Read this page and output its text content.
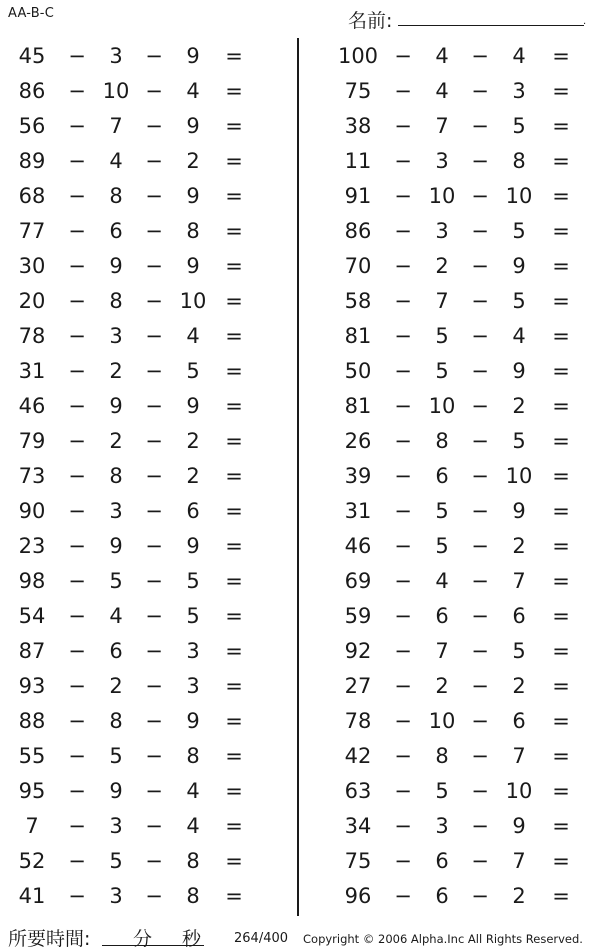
AA-B-C	名前:	.
45	−	3	−	9	=
86	− 10 −	4	=
56	−	7	−	9	=
89	−	4	−	2	=
68	−	8	−	9	=
77	−	6	−	8	=
30	−	9	−	9	=
20	−	8	− 10 =
78	−	3	−	4	=
31	−	2	−	5	=
46	−	9	−	9	=
79	−	2	−	2	=
73	−	8	−	2	=
90	−	3	−	6	=
23	−	9	−	9	=
98	−	5	−	5	=
54	−	4	−	5	=
87	−	6	−	3	=
93	−	2	−	3	=
88	−	8	−	9	=
55	−	5	−	8	=
95	−	9	−	4	=
7	−	3	−	4	=
52	−	5	−	8	=
41	−	3	−	8	=
100 −	4	−	4	=
75	−	4	−	3	=
38	−	7	−	5	=
11	−	3	−	8	=
91	− 10 − 10 =
86	−	3	−	5	=
70	−	2	−	9	=
58	−	7	−	5	=
81	−	5	−	4	=
50	−	5	−	9	=
81	− 10 −	2	=
26	−	8	−	5	=
39	−	6	− 10 =
31	−	5	−	9	=
46	−	5	−	2	=
69	−	4	−	7	=
59	−	6	−	6	=
92	−	7	−	5	=
27	−	2	−	2	=
78	− 10 −	6	=
42	−	8	−	7	=
63	−	5	− 10 =
34	−	3	−	9	=
75	−	6	−	7	=
96	−	6	−	2	=
所要時間: 分 秒	264/400 Copyright © 2006 Alpha.Inc All Rights Reserved.
